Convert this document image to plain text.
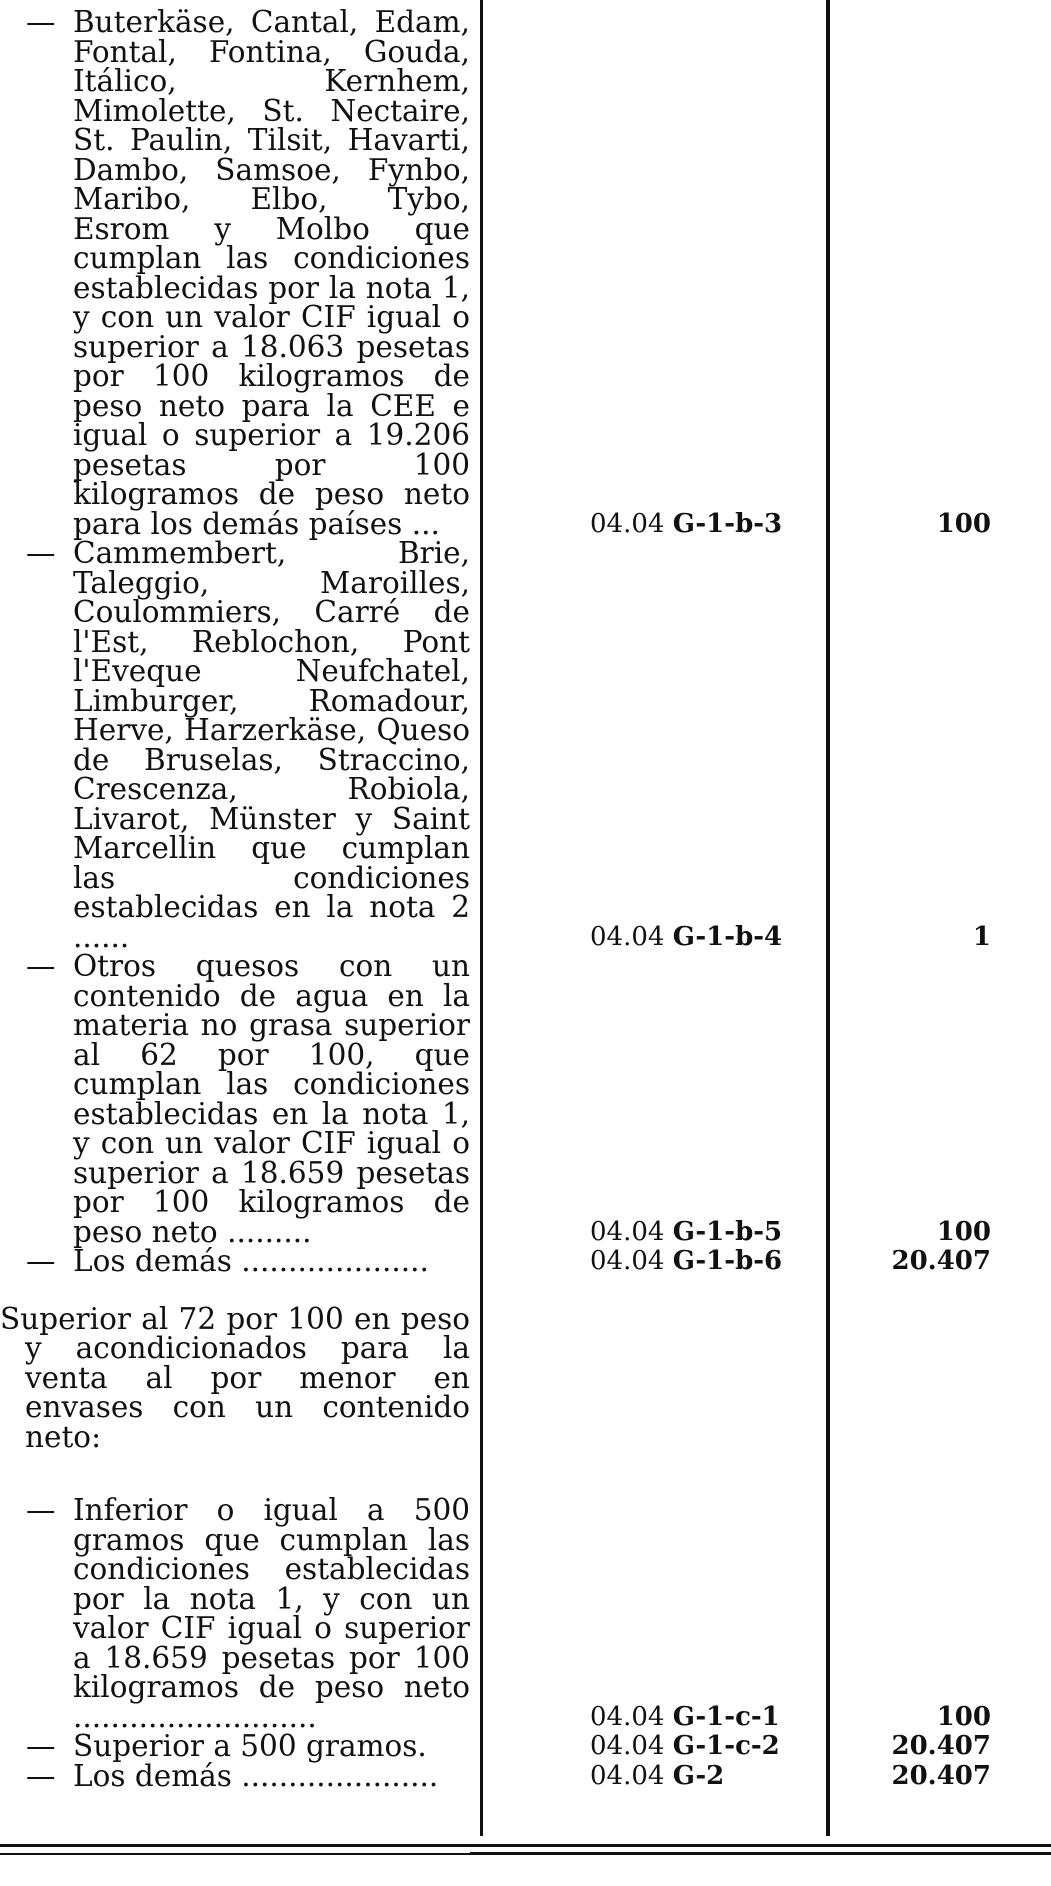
— Buterkäse, Cantal, Edam, Fontal, Fontina, Gouda, Itálico, Kernhem, Mimolette, St. Nectaire, St. Paulin, Tilsit, Havarti, Dambo, Samsoe, Fynbo, Maribo, Elbo, Tybo, Esrom y Molbo que cumplan las condiciones establecidas por la nota 1, y con un valor CIF igual o superior a 18.063 pesetas por 100 kilogramos de peso neto para la CEE e igual o superior a 19.206 pesetas por 100 kilogramos de peso neto para los demás países ...	04.04 G-1-b-3	100
— Cammembert, Brie, Taleggio, Maroilles, Coulommiers, Carré de l'Est, Reblochon, Pont l'Eveque Neufchatel, Limburger, Romadour, Herve, Harzerkäse, Queso de Bruselas, Straccino, Crescenza, Robiola, Livarot, Münster y Saint Marcellin que cumplan las condiciones establecidas en la nota 2 ......	04.04 G-1-b-4	1
— Otros quesos con un contenido de agua en la materia no grasa superior al 62 por 100, que cumplan las condiciones establecidas en la nota 1, y con un valor CIF igual o superior a 18.659 pesetas por 100 kilogramos de peso neto .........	04.04 G-1-b-5	100
— Los demás ....................	04.04 G-1-b-6	20.407
Superior al 72 por 100 en peso y acondicionados para la venta al por menor en envases con un contenido neto:
— Inferior o igual a 500 gramos que cumplan las condiciones establecidas por la nota 1, y con un valor CIF igual o superior a 18.659 pesetas por 100 kilogramos de peso neto ..........................	04.04 G-1-c-1	100
— Superior a 500 gramos.	04.04 G-1-c-2	20.407
— Los demás .....................	04.04 G-2	20.407
